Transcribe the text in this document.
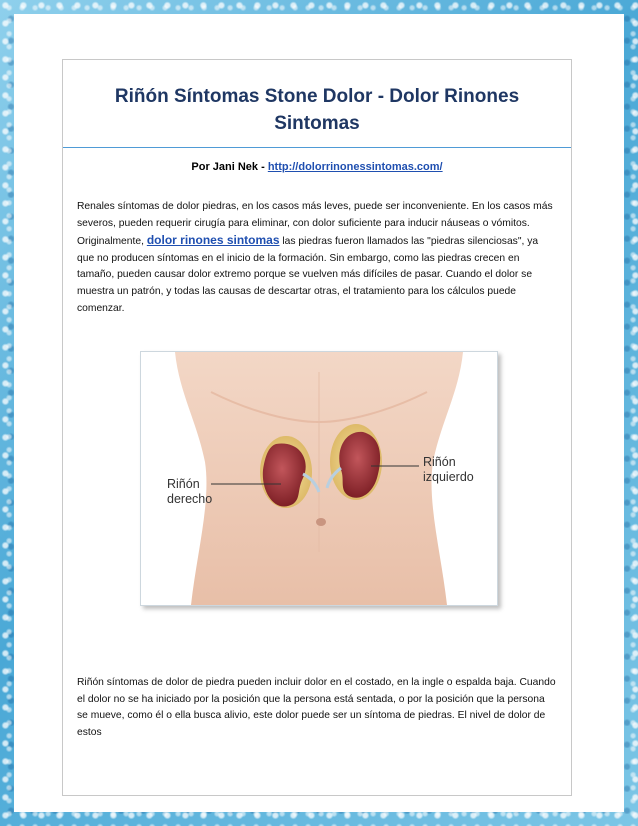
Riñón Síntomas Stone Dolor - Dolor Rinones Sintomas
Por Jani Nek - http://dolorrinonessintomas.com/

Renales síntomas de dolor piedras, en los casos más leves, puede ser inconveniente. En los casos más severos, pueden requerir cirugía para eliminar, con dolor suficiente para inducir náuseas o vómitos. Originalmente, dolor rinones sintomas las piedras fueron llamados las "piedras silenciosas", ya que no producen síntomas en el inicio de la formación. Sin embargo, como las piedras crecen en tamaño, pueden causar dolor extremo porque se vuelven más difíciles de pasar. Cuando el dolor se muestra un patrón, y todas las causas de descartar otras, el tratamiento para los cálculos puede comenzar.

Riñón
izquierdo
Riñón
derecho

Riñón síntomas de dolor de piedra pueden incluir dolor en el costado, en la ingle o espalda baja. Cuando el dolor no se ha iniciado por la posición que la persona está sentada, o por la posición que la persona se mueve, como él o ella busca alivio, este dolor puede ser un síntoma de piedras. El nivel de dolor de estos
